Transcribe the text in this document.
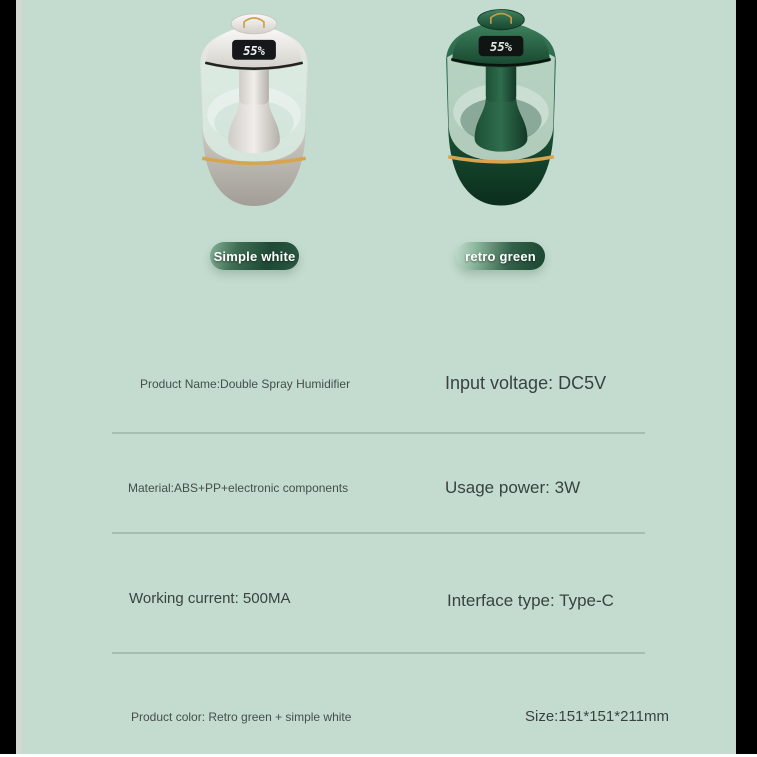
55%	55%
Simple white	retro green
Product Name:Double Spray Humidifier	Input voltage: DC5V
Material:ABS+PP+electronic components	Usage power: 3W
Working current: 500MA	Interface type: Type-C
Product color: Retro green + simple white	Size:151*151*211mm
